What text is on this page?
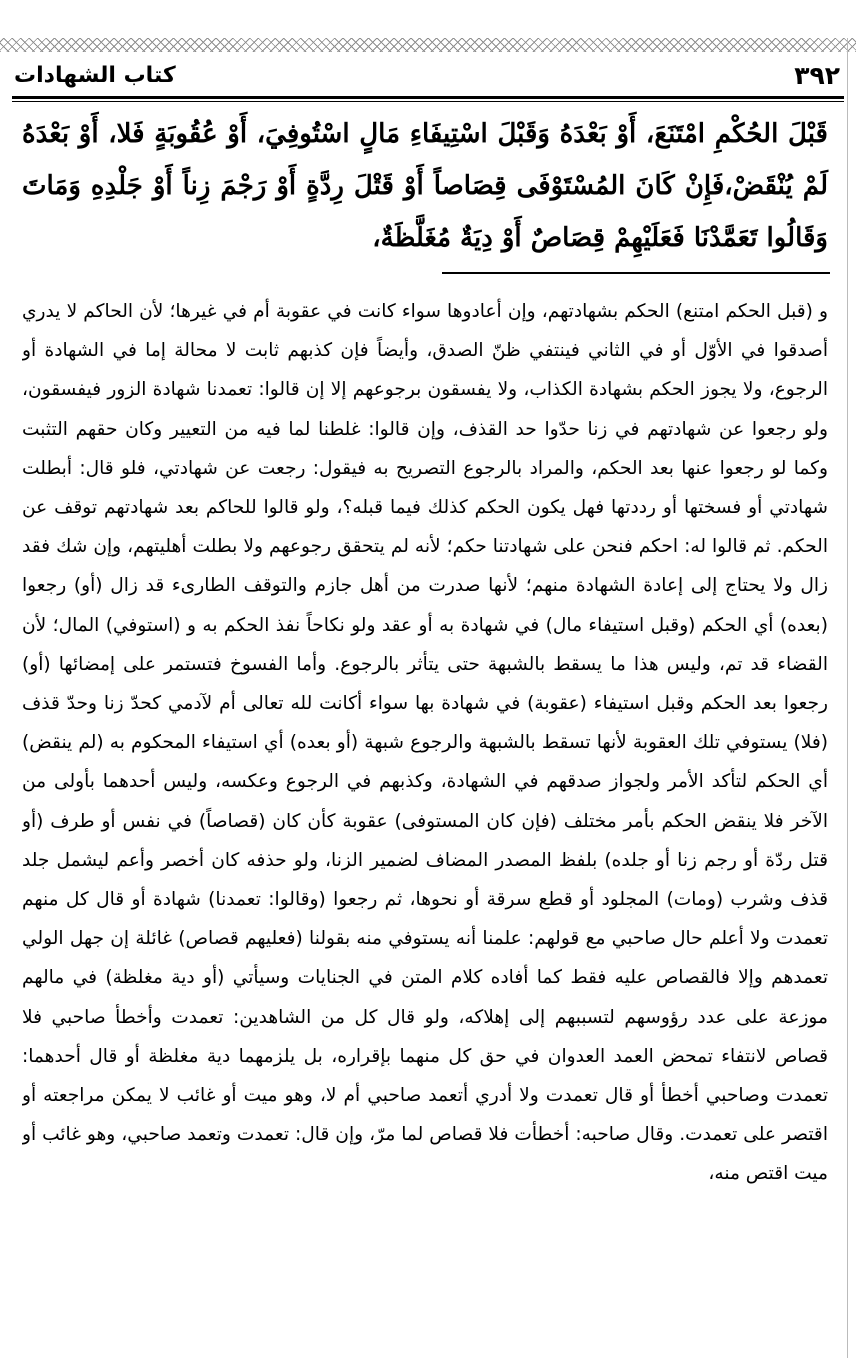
٣٩٢
كتاب الشهادات

قَبْلَ الحُكْمِ امْتَنَعَ، أَوْ بَعْدَهُ وَقَبْلَ اسْتِيفَاءِ مَالٍ اسْتُوفِيَ، أَوْ عُقُوبَةٍ فَلا، أَوْ بَعْدَهُ لَمْ يُنْقَضْ،فَإِنْ كَانَ المُسْتَوْفَى قِصَاصاً أَوْ قَتْلَ رِدَّةٍ أَوْ رَجْمَ زِناً أَوْ جَلْدِهِ وَمَاتَ وَقَالُوا تَعَمَّدْنَا فَعَلَيْهِمْ قِصَاصٌ أَوْ دِيَةٌ مُغَلَّظَةٌ،

و (قبل الحكم امتنع) الحكم بشهادتهم، وإن أعادوها سواء كانت في عقوبة أم في غيرها؛ لأن الحاكم لا يدري أصدقوا في الأوّل أو في الثاني فينتفي ظنّ الصدق، وأيضاً فإن كذبهم ثابت لا محالة إما في الشهادة أو الرجوع، ولا يجوز الحكم بشهادة الكذاب، ولا يفسقون برجوعهم إلا إن قالوا: تعمدنا شهادة الزور فيفسقون، ولو رجعوا عن شهادتهم في زنا حدّوا حد القذف، وإن قالوا: غلطنا لما فيه من التعيير وكان حقهم التثبت وكما لو رجعوا عنها بعد الحكم، والمراد بالرجوع التصريح به فيقول: رجعت عن شهادتي، فلو قال: أبطلت شهادتي أو فسختها أو رددتها فهل يكون الحكم كذلك فيما قبله؟، ولو قالوا للحاكم بعد شهادتهم توقف عن الحكم. ثم قالوا له: احكم فنحن على شهادتنا حكم؛ لأنه لم يتحقق رجوعهم ولا بطلت أهليتهم، وإن شك فقد زال ولا يحتاج إلى إعادة الشهادة منهم؛ لأنها صدرت من أهل جازم والتوقف الطارىء قد زال (أو) رجعوا (بعده) أي الحكم (وقبل استيفاء مال) في شهادة به أو عقد ولو نكاحاً نفذ الحكم به و (استوفي) المال؛ لأن القضاء قد تم، وليس هذا ما يسقط بالشبهة حتى يتأثر بالرجوع. وأما الفسوخ فتستمر على إمضائها (أو) رجعوا بعد الحكم وقبل استيفاء (عقوبة) في شهادة بها سواء أكانت لله تعالى أم لآدمي كحدّ زنا وحدّ قذف (فلا) يستوفي تلك العقوبة لأنها تسقط بالشبهة والرجوع شبهة (أو بعده) أي استيفاء المحكوم به (لم ينقض) أي الحكم لتأكد الأمر ولجواز صدقهم في الشهادة، وكذبهم في الرجوع وعكسه، وليس أحدهما بأولى من الآخر فلا ينقض الحكم بأمر مختلف (فإن كان المستوفى) عقوبة كأن كان (قصاصاً) في نفس أو طرف (أو قتل ردّة أو رجم زنا أو جلده) بلفظ المصدر المضاف لضمير الزنا، ولو حذفه كان أخصر وأعم ليشمل جلد قذف وشرب (ومات) المجلود أو قطع سرقة أو نحوها، ثم رجعوا (وقالوا: تعمدنا) شهادة أو قال كل منهم تعمدت ولا أعلم حال صاحبي مع قولهم: علمنا أنه يستوفي منه بقولنا (فعليهم قصاص) غائلة إن جهل الولي تعمدهم وإلا فالقصاص عليه فقط كما أفاده كلام المتن في الجنايات وسيأتي (أو دية مغلظة) في مالهم موزعة على عدد رؤوسهم لتسببهم إلى إهلاكه، ولو قال كل من الشاهدين: تعمدت وأخطأ صاحبي فلا قصاص لانتفاء تمحض العمد العدوان في حق كل منهما بإقراره، بل يلزمهما دية مغلظة أو قال أحدهما: تعمدت وصاحبي أخطأ أو قال تعمدت ولا أدري أتعمد صاحبي أم لا، وهو ميت أو غائب لا يمكن مراجعته أو اقتصر على تعمدت. وقال صاحبه: أخطأت فلا قصاص لما مرّ، وإن قال: تعمدت وتعمد صاحبي، وهو غائب أو ميت اقتص منه،
